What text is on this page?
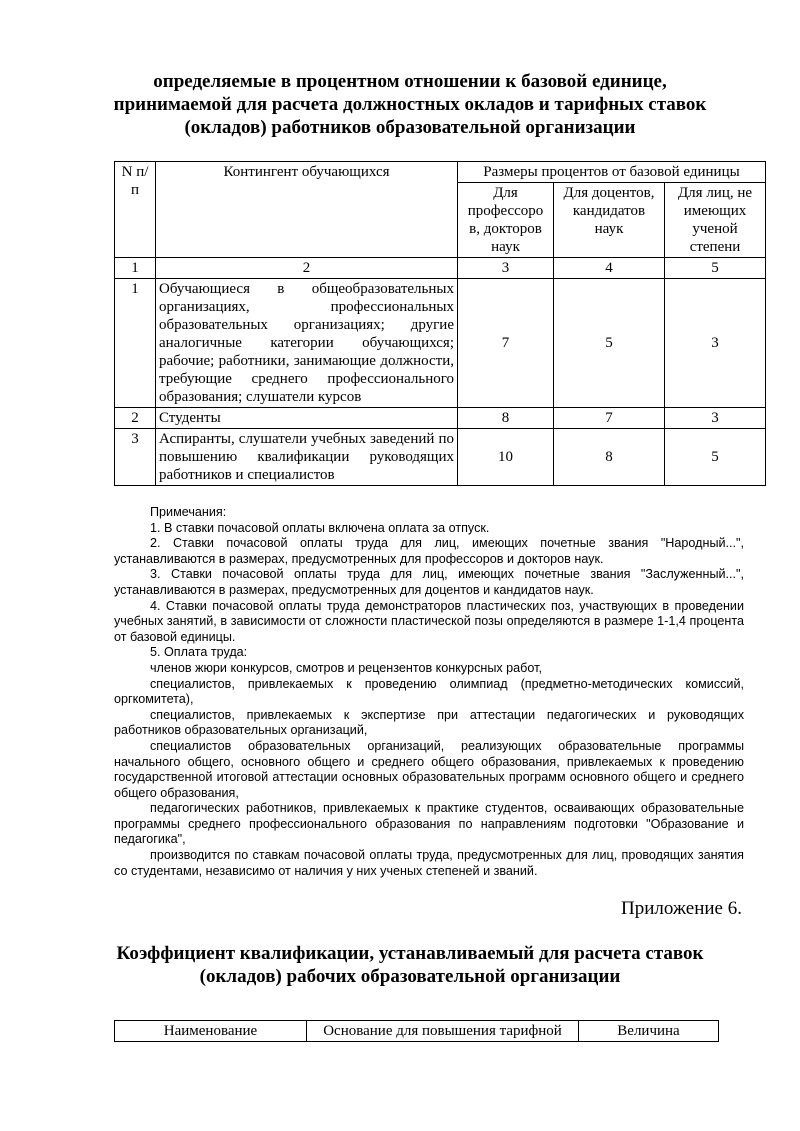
определяемые в процентном отношении к базовой единице,
принимаемой для расчета должностных окладов и тарифных ставок
(окладов) работников образовательной организации
N п/п	Контингент обучающихся	Размеры процентов от базовой единицы		
		Для профессоро в, докторов наук	Для доцентов, кандидатов наук	Для лиц, не имеющих ученой степени
1	2	3	4	5
1	Обучающиеся в общеобразовательных организациях, профессиональных образовательных организациях; другие аналогичные категории обучающихся; рабочие; работники, занимающие должности, требующие среднего профессионального образования; слушатели курсов	7	5	3
2	Студенты	8	7	3
3	Аспиранты, слушатели учебных заведений по повышению квалификации руководящих работников и специалистов	10	8	5
Примечания:
1. В ставки почасовой оплаты включена оплата за отпуск.
2. Ставки почасовой оплаты труда для лиц, имеющих почетные звания "Народный...", устанавливаются в размерах, предусмотренных для профессоров и докторов наук.
3. Ставки почасовой оплаты труда для лиц, имеющих почетные звания "Заслуженный...", устанавливаются в размерах, предусмотренных для доцентов и кандидатов наук.
4. Ставки почасовой оплаты труда демонстраторов пластических поз, участвующих в проведении учебных занятий, в зависимости от сложности пластической позы определяются в размере 1-1,4 процента от базовой единицы.
5. Оплата труда:
членов жюри конкурсов, смотров и рецензентов конкурсных работ,
специалистов, привлекаемых к проведению олимпиад (предметно-методических комиссий, оргкомитета),
специалистов, привлекаемых к экспертизе при аттестации педагогических и руководящих работников образовательных организаций,
специалистов образовательных организаций, реализующих образовательные программы начального общего, основного общего и среднего общего образования, привлекаемых к проведению государственной итоговой аттестации основных образовательных программ основного общего и среднего общего образования,
педагогических работников, привлекаемых к практике студентов, осваивающих образовательные программы среднего профессионального образования по направлениям подготовки "Образование и педагогика",
производится по ставкам почасовой оплаты труда, предусмотренных для лиц, проводящих занятия со студентами, независимо от наличия у них ученых степеней и званий.
Приложение 6.
Коэффициент квалификации, устанавливаемый для расчета ставок
(окладов) рабочих образовательной организации
Наименование	Основание для повышения тарифной	Величина
